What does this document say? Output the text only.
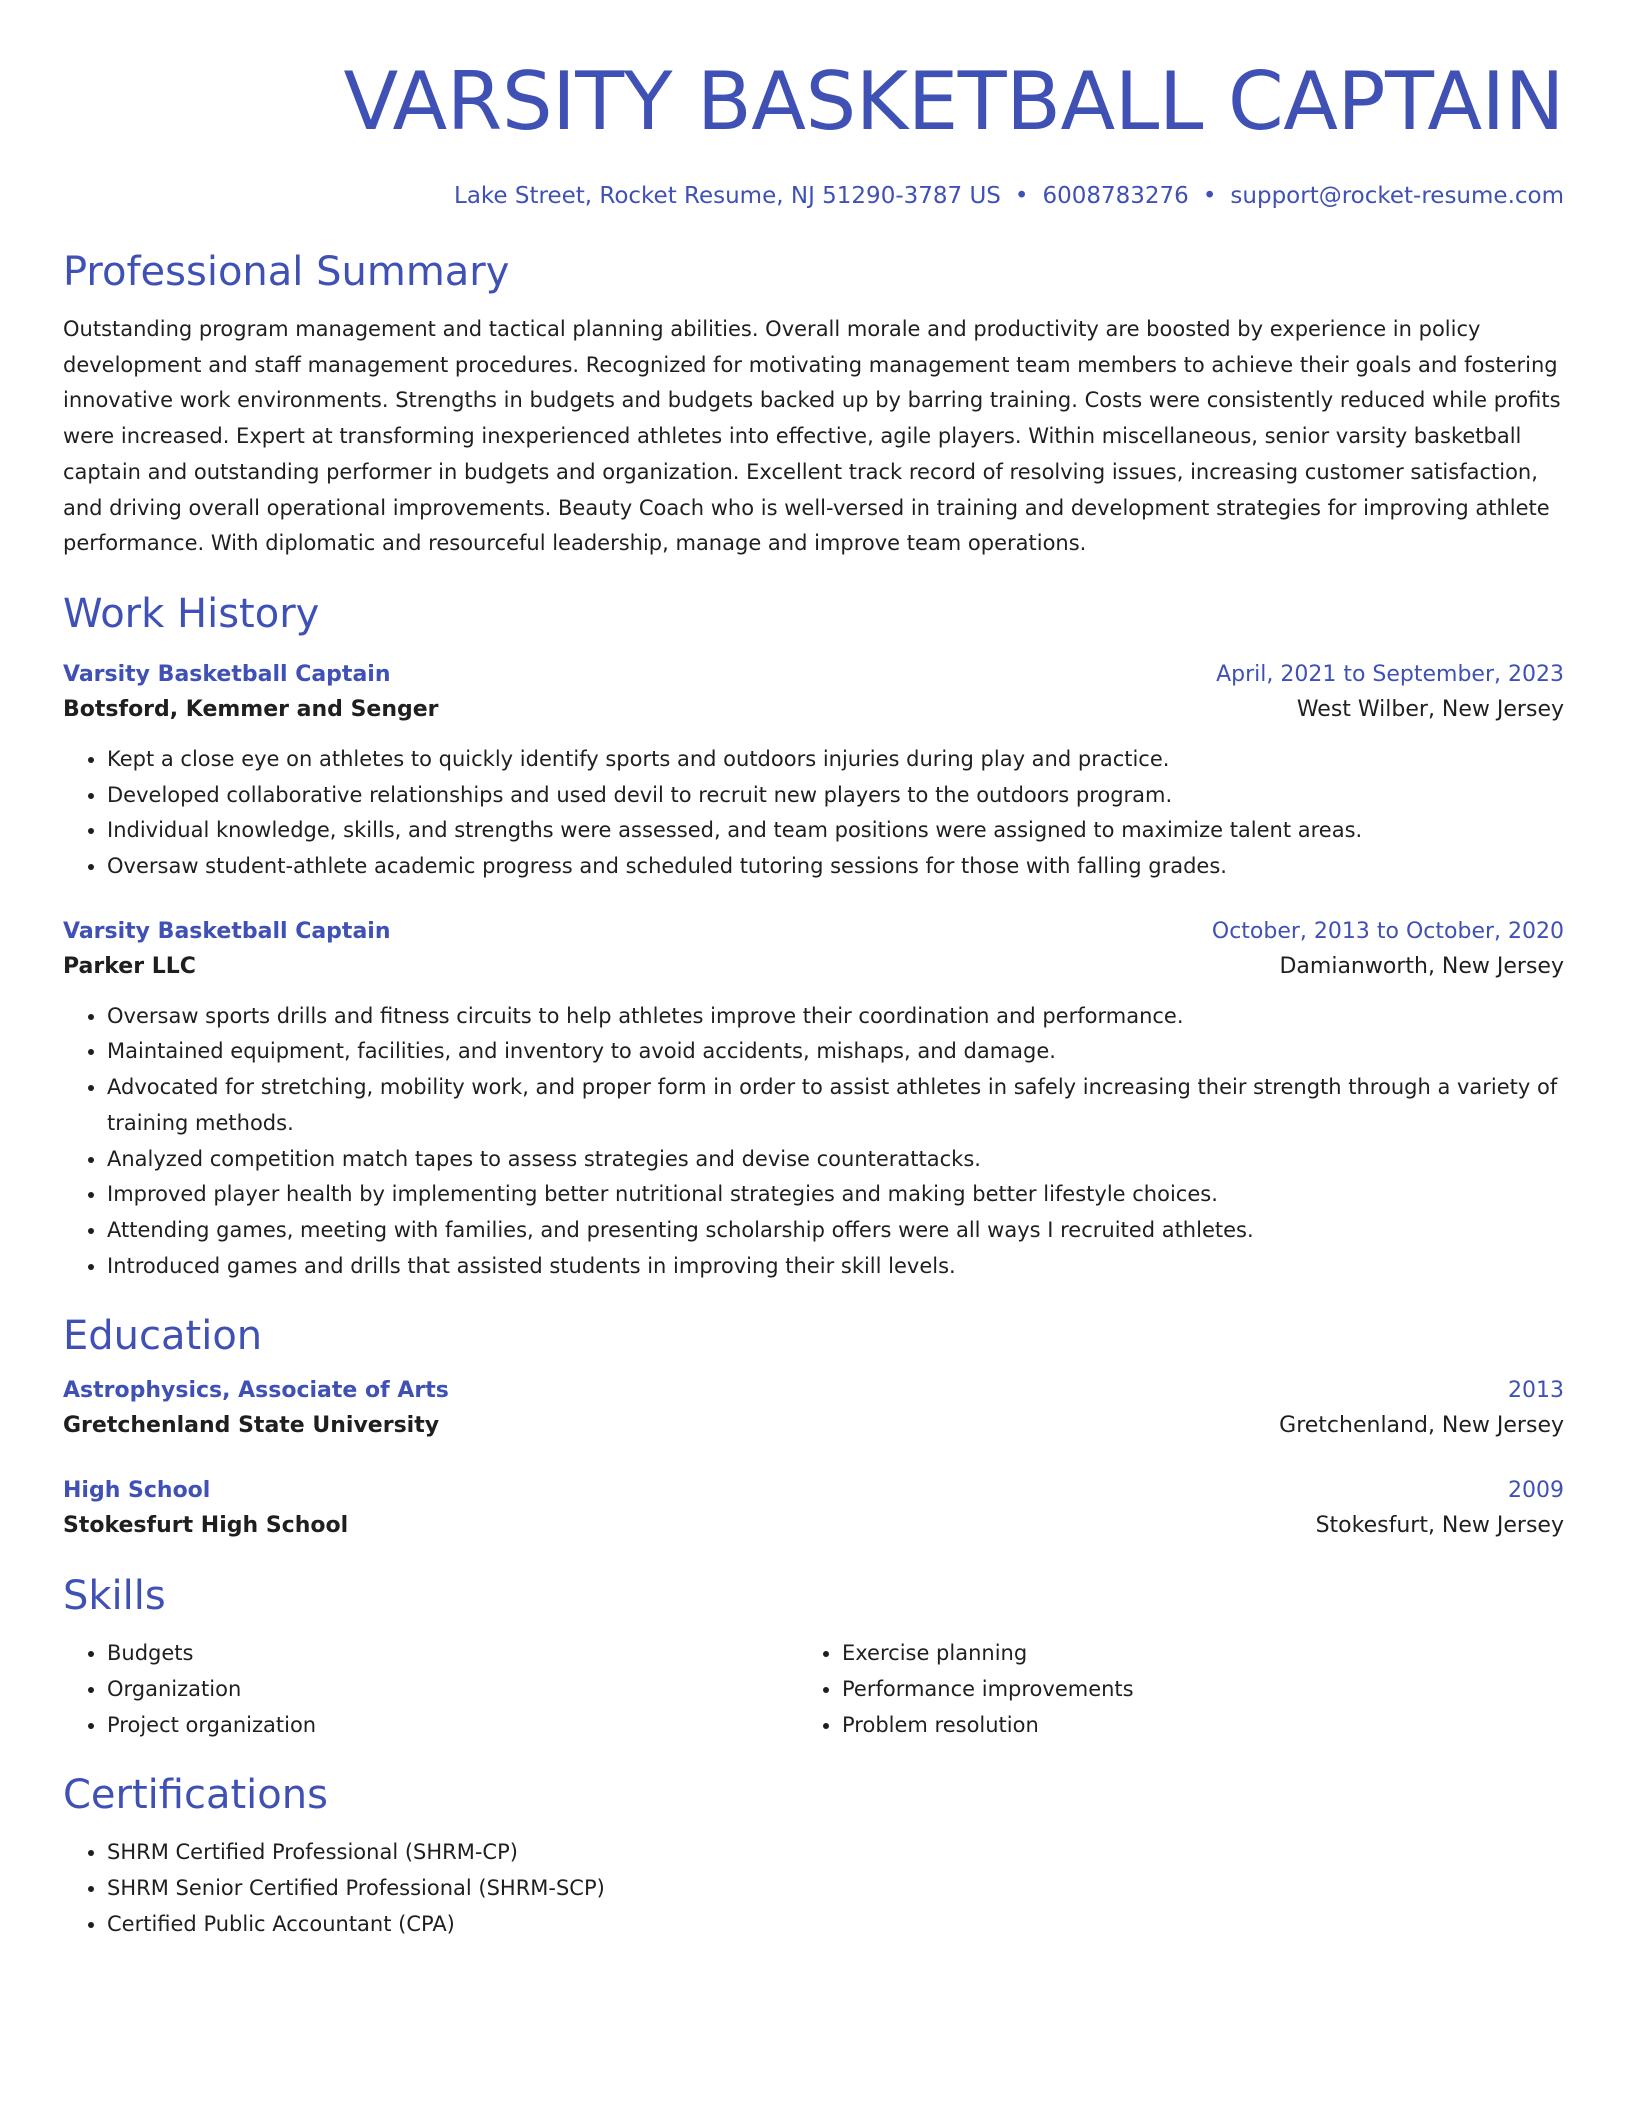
VARSITY BASKETBALL CAPTAIN
Lake Street, Rocket Resume, NJ 51290-3787 US • 6008783276 • support@rocket-resume.com
Professional Summary

Outstanding program management and tactical planning abilities. Overall morale and productivity are boosted by experience in policy development and staff management procedures. Recognized for motivating management team members to achieve their goals and fostering innovative work environments. Strengths in budgets and budgets backed up by barring training. Costs were consistently reduced while profits were increased. Expert at transforming inexperienced athletes into effective, agile players. Within miscellaneous, senior varsity basketball captain and outstanding performer in budgets and organization. Excellent track record of resolving issues, increasing customer satisfaction, and driving overall operational improvements. Beauty Coach who is well-versed in training and development strategies for improving athlete performance. With diplomatic and resourceful leadership, manage and improve team operations.

Work History
Varsity Basketball Captain	April, 2021 to September, 2023
Botsford, Kemmer and Senger	West Wilber, New Jersey
• Kept a close eye on athletes to quickly identify sports and outdoors injuries during play and practice.
• Developed collaborative relationships and used devil to recruit new players to the outdoors program.
• Individual knowledge, skills, and strengths were assessed, and team positions were assigned to maximize talent areas.
• Oversaw student-athlete academic progress and scheduled tutoring sessions for those with falling grades.
Varsity Basketball Captain	October, 2013 to October, 2020
Parker LLC	Damianworth, New Jersey
• Oversaw sports drills and fitness circuits to help athletes improve their coordination and performance.
• Maintained equipment, facilities, and inventory to avoid accidents, mishaps, and damage.
• Advocated for stretching, mobility work, and proper form in order to assist athletes in safely increasing their strength through a variety of training methods.
• Analyzed competition match tapes to assess strategies and devise counterattacks.
• Improved player health by implementing better nutritional strategies and making better lifestyle choices.
• Attending games, meeting with families, and presenting scholarship offers were all ways I recruited athletes.
• Introduced games and drills that assisted students in improving their skill levels.
Education
Astrophysics, Associate of Arts	2013
Gretchenland State University	Gretchenland, New Jersey
High School	2009
Stokesfurt High School	Stokesfurt, New Jersey
Skills
• Budgets
• Organization
• Project organization
• Exercise planning
• Performance improvements
• Problem resolution
Certifications
• SHRM Certified Professional (SHRM-CP)
• SHRM Senior Certified Professional (SHRM-SCP)
• Certified Public Accountant (CPA)
